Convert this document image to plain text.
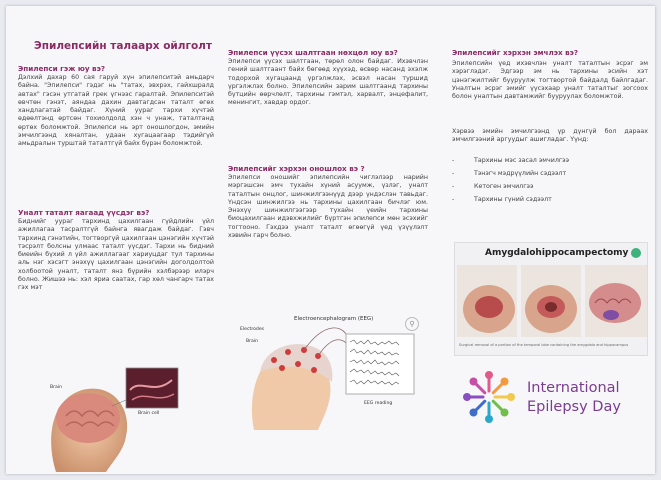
Эпилепсийн талаарх ойлголт
Эпилепси гэж юу вэ?
Дэлхий дахар 60 сая гаруй хүн эпилепситэй амьдарч байна. "Эпилепси" гэдэг нь "татах, эвхрэх, гайхшралд автах" гэсэн утгатай грек үгнээс гаралтай. Эпилепситэй өвчтөн гэнэт, аяндаа дахин давтагдсан таталт өгөх хандлагатай байдаг. Хүний уураг тархи хүчтэй өдөөлтэнд өртсөн тохиолдолд хэн ч унаж, таталтанд өртөх боломжтой. Эпилепси нь эрт оношлогдон, эмийн эмчилгээнд хяналтан, удаан хугацаагаар тэдийгүй амьдралын турштай таталтгүй байх бүрэн боломжтой.
Уналт таталт яагаад үүсдэг вэ?
Биднийг уураг тархинд цахилгаан гүйдлийн үйл ажиллагаа тасралтгүй байнга явагдаж байдаг. Гэвч тархинд гэнэтийн, тогтворгүй цахилгаан цэнэгийн хүчтэй тэсрэлт болсны улмаас таталт үүсдэг. Тархи нь бидний биеийн бүхий л үйл ажиллагааг хариуцдаг тул тархины аль нэг хэсэгт энэхүү цахилгаан цэнэгийн доголдолтой холбоотой уналт, таталт янз бүрийн хэлбэрээр илэрч болно. Жишээ нь: хэл яриа саатах, гар хөл чангарч татах гэх мэт
Brain
Brain cell
Эпилепси үүсэх шалтгаан нөхцөл юу вэ?
Эпилепси үүсэх шалтгаан, төрөл олон байдаг. Ихэвчлэн гений шалтгаант байх бөгөөд хүүхэд, өсвөр насанд эхэлж тодорхой хугацаанд үргэлжлэх, эсвэл насан туршид үргэлжлэх болно. Эпилепсийн зарим шалтгаанд тархины бүтцийн өөрчлөлт, тархины гэмтэл, харвалт, энцефалит, менингит, хавдар ордог.
Эпилепсийг хэрхэн оношлох вэ ?
Эпилепси оношийг эпилепсийн чиглэлээр нарийн мэргэшсэн эмч тухайн хүний асуумж, үзлэг, уналт таталтын онцлог, шинжилгээнүүд дээр үндэслэн тавьдаг. Үндсэн шинжилгээ нь тархины цахилгаан бичлэг юм. Энэхүү шинжилгээгээр тухайн үеийн тархины биоцахилгаан идэвхжилийг бүртгэн эпилепси мөн эсэхийг тогтооно. Гэхдээ уналт таталт өгөөгүй үед үзүүлэлт хэвийн гарч болно.
Electroencephalogram (EEG)
Electrodes
Brain
EEG reading
⚲
Эпилепсийг хэрхэн эмчлэх вэ?
Эпилепсийн үед ихэвчлэн уналт таталтын эсрэг эм хэрэглэдэг. Эдгээр эм нь тархины эсийн хэт цэнэгжилтийг бууруулж тогтвортой байдалд байлгадаг. Уналтын эсрэг эмийг үүсэхаар уналт таталтыг зогсоох болон уналтын давтамжийг бууруулах боломжтой.
Хэрвээ эмийн эмчилгээнд үр дүнгүй бол дараах эмчилгээний аргуудыг ашигладаг. Үүнд:
- Тархины мэс засал эмчилгээ
- Тэнэгч мэдрүүлийн сэдээлт
- Кетоген эмчилгээ
- Тархины гүний сэдээлт
Amygdalohippocampectomy
Surgical removal of a portion of the temporal lobe containing the amygdala and hippocampus
International
Epilepsy Day
